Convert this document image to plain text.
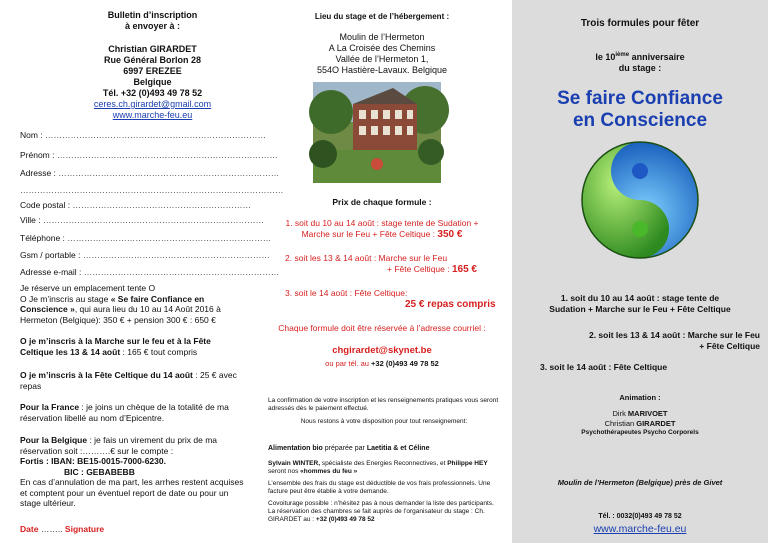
Bulletin d’inscription
à envoyer à :
Christian GIRARDET
Rue Général Borlon 28
6997 EREZEE
Belgique
Tél. +32 (0)493 49 78 52
ceres.ch.girardet@gmail.com
www.marche-feu.eu
Nom : ……………………………………………………………………
Prénom : ……………………………………………………………………
Adresse : ……………………………………………………………………
…………………………………………………………………………………
Code postal : ………………………………………………………
Ville : ……………………………………………………………………
Téléphone : ………………………………………………………………
Gsm / portable : …………………………………………………………
Adresse e-mail : ……………………………………………………………
Je réserve un emplacement tente O
O Je m’inscris au stage « Se faire Confiance en Conscience », qui aura lieu du 10 au 14 Août 2016 à Hermeton (Belgique): 350 € + pension 300 € : 650 €
O je m’inscris à la Marche sur le feu et à la Fête Celtique les 13 & 14 août : 165 € tout compris
O je m’inscris à la Fête Celtique du 14 août : 25 € avec repas
Pour la France : je joins un chèque de la totalité de ma réservation libellé au nom d’Epicentre.
Pour la Belgique : je fais un virement du prix de ma réservation soit :……….€ sur le compte :
Fortis : IBAN: BE15-0015-7000-6230.
BIC : GEBABEBB
En cas d’annulation de ma part, les arrhes restent acquises et comptent pour un éventuel report de date ou pour un stage ultérieur.
Date …….. Signature
Lieu du stage et de l’hébergement :
Moulin de l’Hermeton
A La Croisée des Chemins
Vallée de l’Hermeton 1,
554O Hastière-Lavaux. Belgique
Prix de chaque formule :
1. soit du 10 au 14 août : stage tente de Sudation +
Marche sur le Feu + Fête Celtique : 350 €
2. soit les 13 & 14 août : Marche sur le Feu
+ Fête Celtique : 165 €
3. soit le 14 août : Fête Celtique:
25 € repas compris
Chaque formule doit être réservée à l’adresse courriel :
chgirardet@skynet.be
ou par tél. au +32 (0)493 49 78 52
La confirmation de votre inscription et les renseignements pratiques vous seront adressés dès le paiement effectué.
Nous restons à votre disposition pour tout renseignement:
Alimentation bio préparée par Laetitia & et Céline
Sylvain WINTER, spécialiste des Energies Reconnectives, et Philippe HEY seront nos «hommes du feu »
L’ensemble des frais du stage est déductible de vos frais professionnels. Une facture peut être établie à votre demande.
Covoiturage possible : n’hésitez pas à nous demander la liste des participants. La réservation des chambres se fait auprès de l’organisateur du stage : Ch. GIRARDET au : +32 (0)493 49 78 52
Trois formules pour fêter
le 10ième anniversaire
du stage :
Se faire Confiance
en Conscience
1. soit du 10 au 14 août : stage tente de
Sudation + Marche sur le Feu + Fête Celtique
2. soit les 13 & 14 août : Marche sur le Feu
+ Fête Celtique
3. soit le 14 août : Fête Celtique
Animation :
Dirk MARIVOET
Christian GIRARDET
Psychothérapeutes Psycho Corporels
Moulin de l’Hermeton (Belgique) près de Givet
Tél. : 0032(0)493 49 78 52
www.marche-feu.eu
